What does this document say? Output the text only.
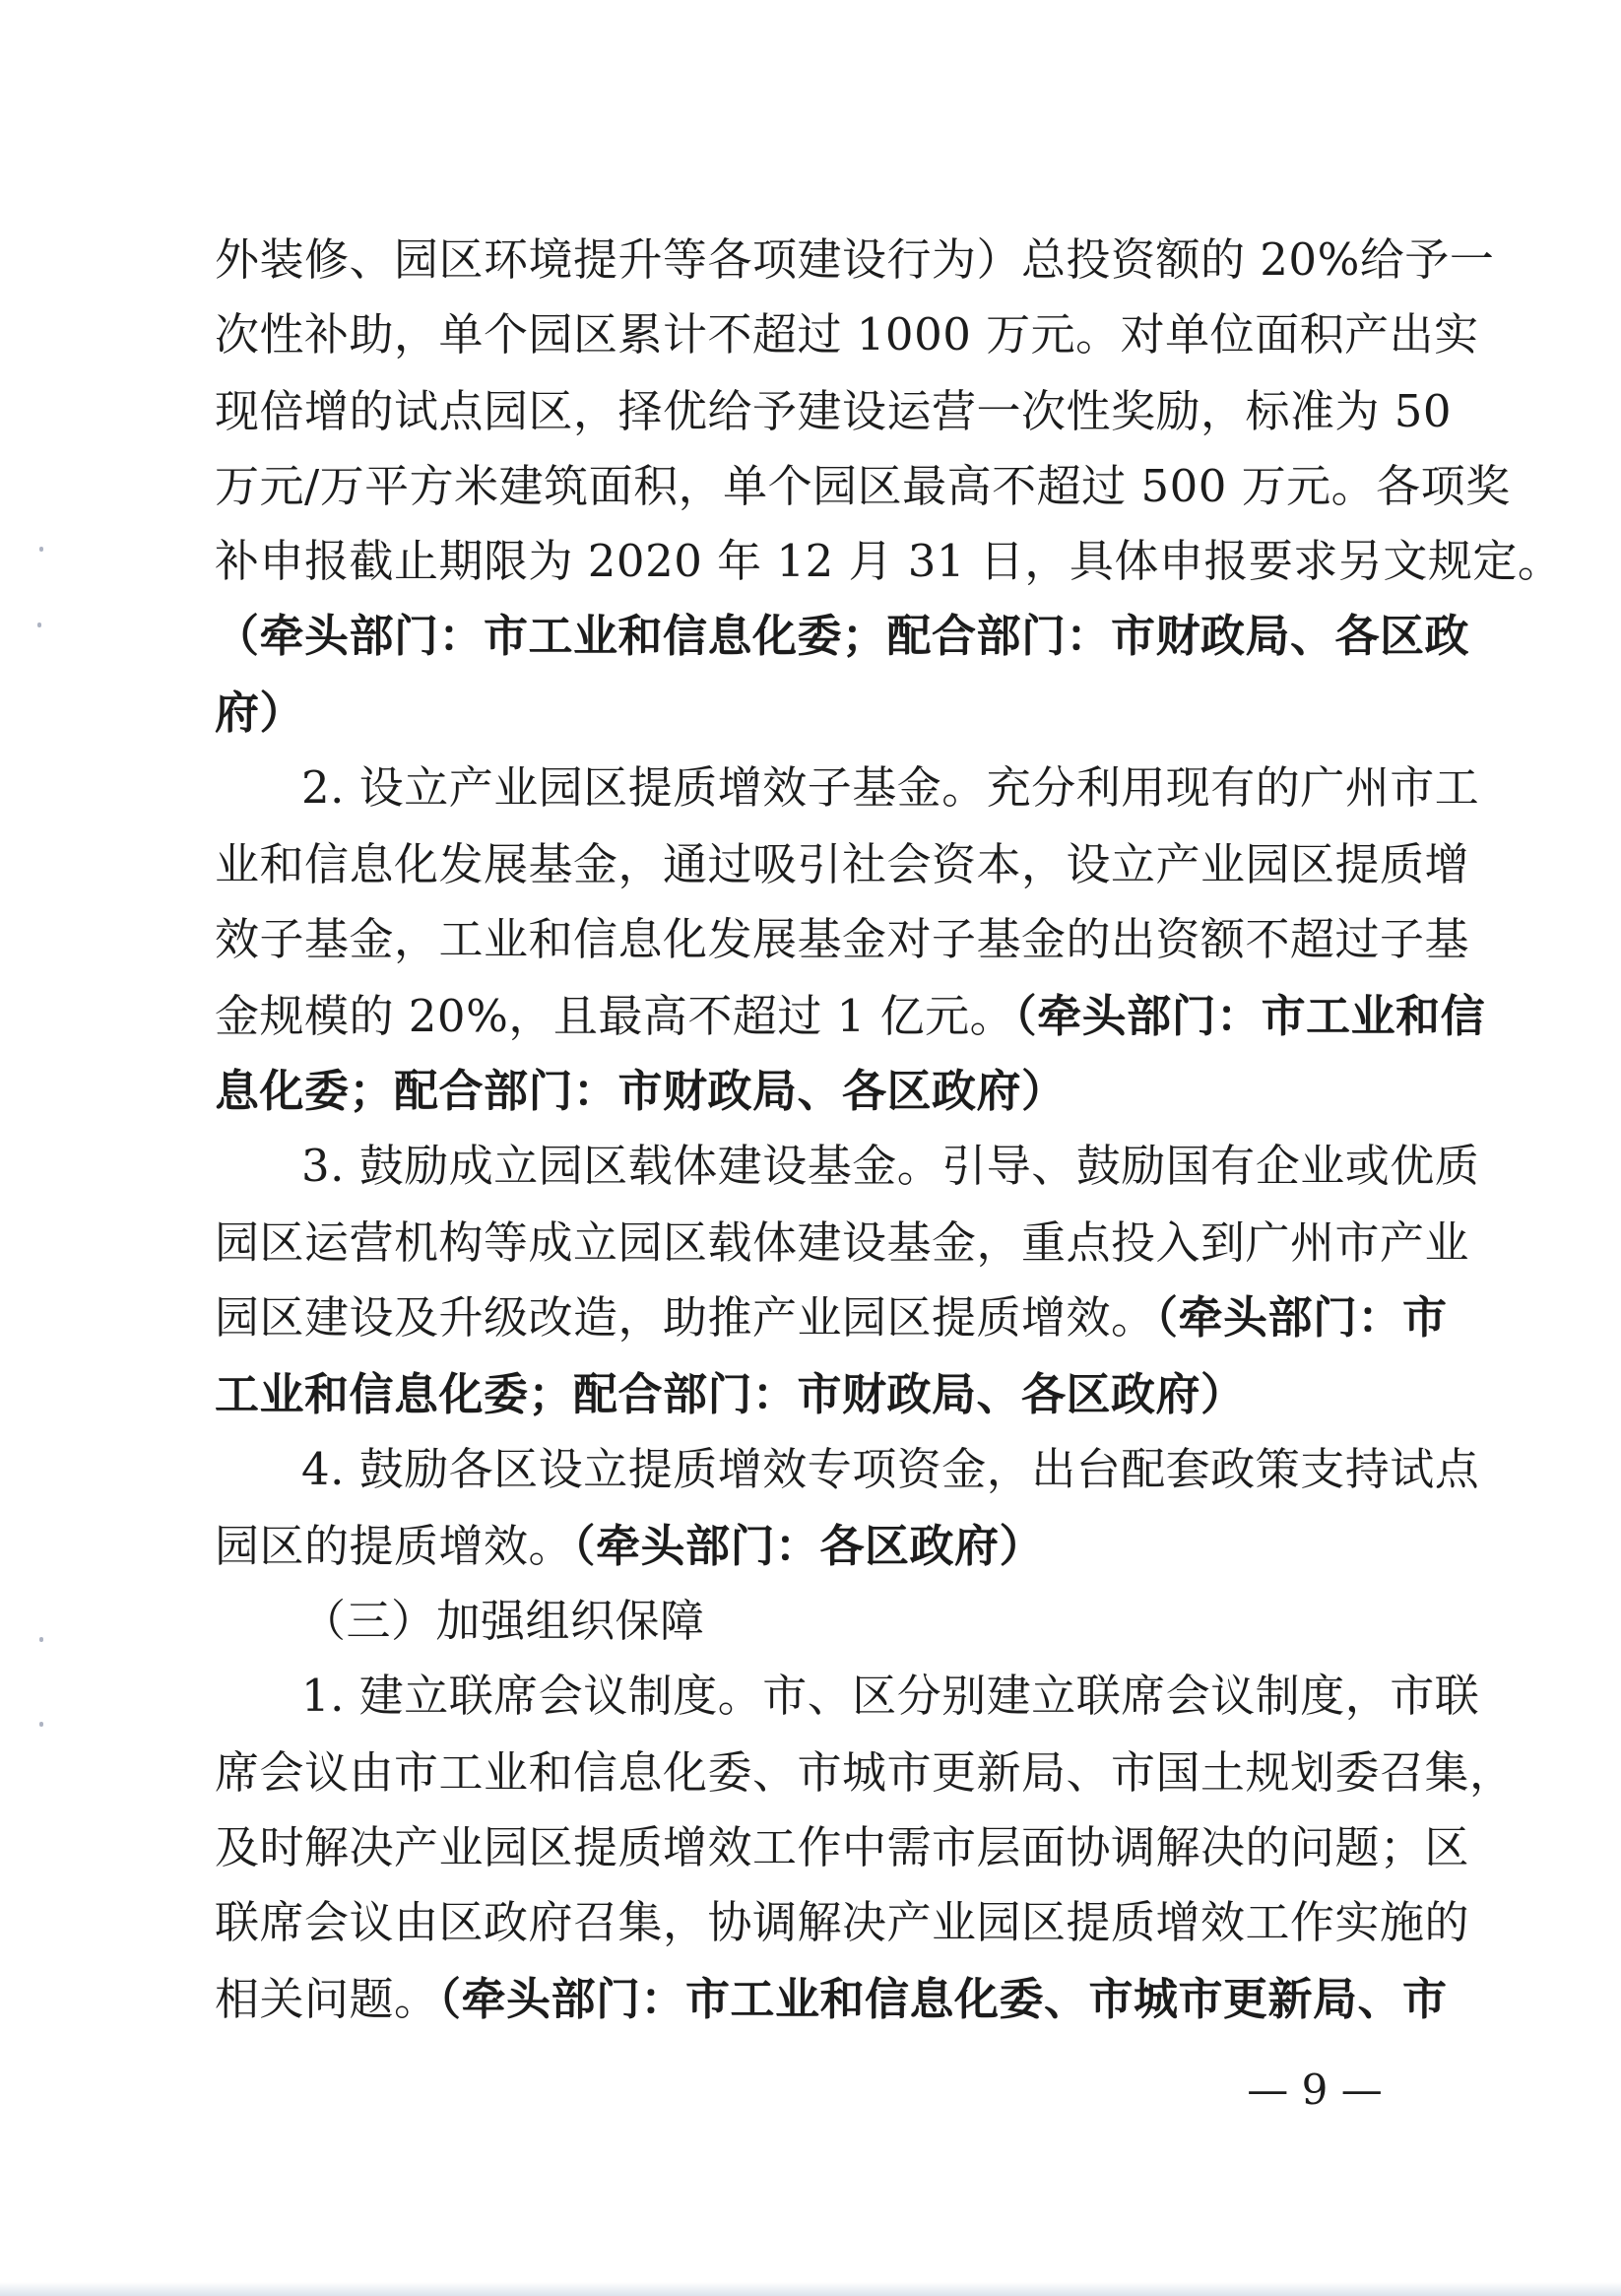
外装修、园区环境提升等各项建设行为）总投资额的 20%给予一
次性补助，单个园区累计不超过 1000 万元。对单位面积产出实
现倍增的试点园区，择优给予建设运营一次性奖励，标准为 50
万元/万平方米建筑面积，单个园区最高不超过 500 万元。各项奖
补申报截止期限为 2020 年 12 月 31 日，具体申报要求另文规定。
（牵头部门：市工业和信息化委；配合部门：市财政局、各区政
府）
2. 设立产业园区提质增效子基金。充分利用现有的广州市工
业和信息化发展基金，通过吸引社会资本，设立产业园区提质增
效子基金，工业和信息化发展基金对子基金的出资额不超过子基
金规模的 20%，且最高不超过 1 亿元。（牵头部门：市工业和信
息化委；配合部门：市财政局、各区政府）
3. 鼓励成立园区载体建设基金。引导、鼓励国有企业或优质
园区运营机构等成立园区载体建设基金，重点投入到广州市产业
园区建设及升级改造，助推产业园区提质增效。（牵头部门：市
工业和信息化委；配合部门：市财政局、各区政府）
4. 鼓励各区设立提质增效专项资金，出台配套政策支持试点
园区的提质增效。（牵头部门：各区政府）
（三）加强组织保障
1. 建立联席会议制度。市、区分别建立联席会议制度，市联
席会议由市工业和信息化委、市城市更新局、市国土规划委召集，
及时解决产业园区提质增效工作中需市层面协调解决的问题；区
联席会议由区政府召集，协调解决产业园区提质增效工作实施的
相关问题。（牵头部门：市工业和信息化委、市城市更新局、市
— 9 —
